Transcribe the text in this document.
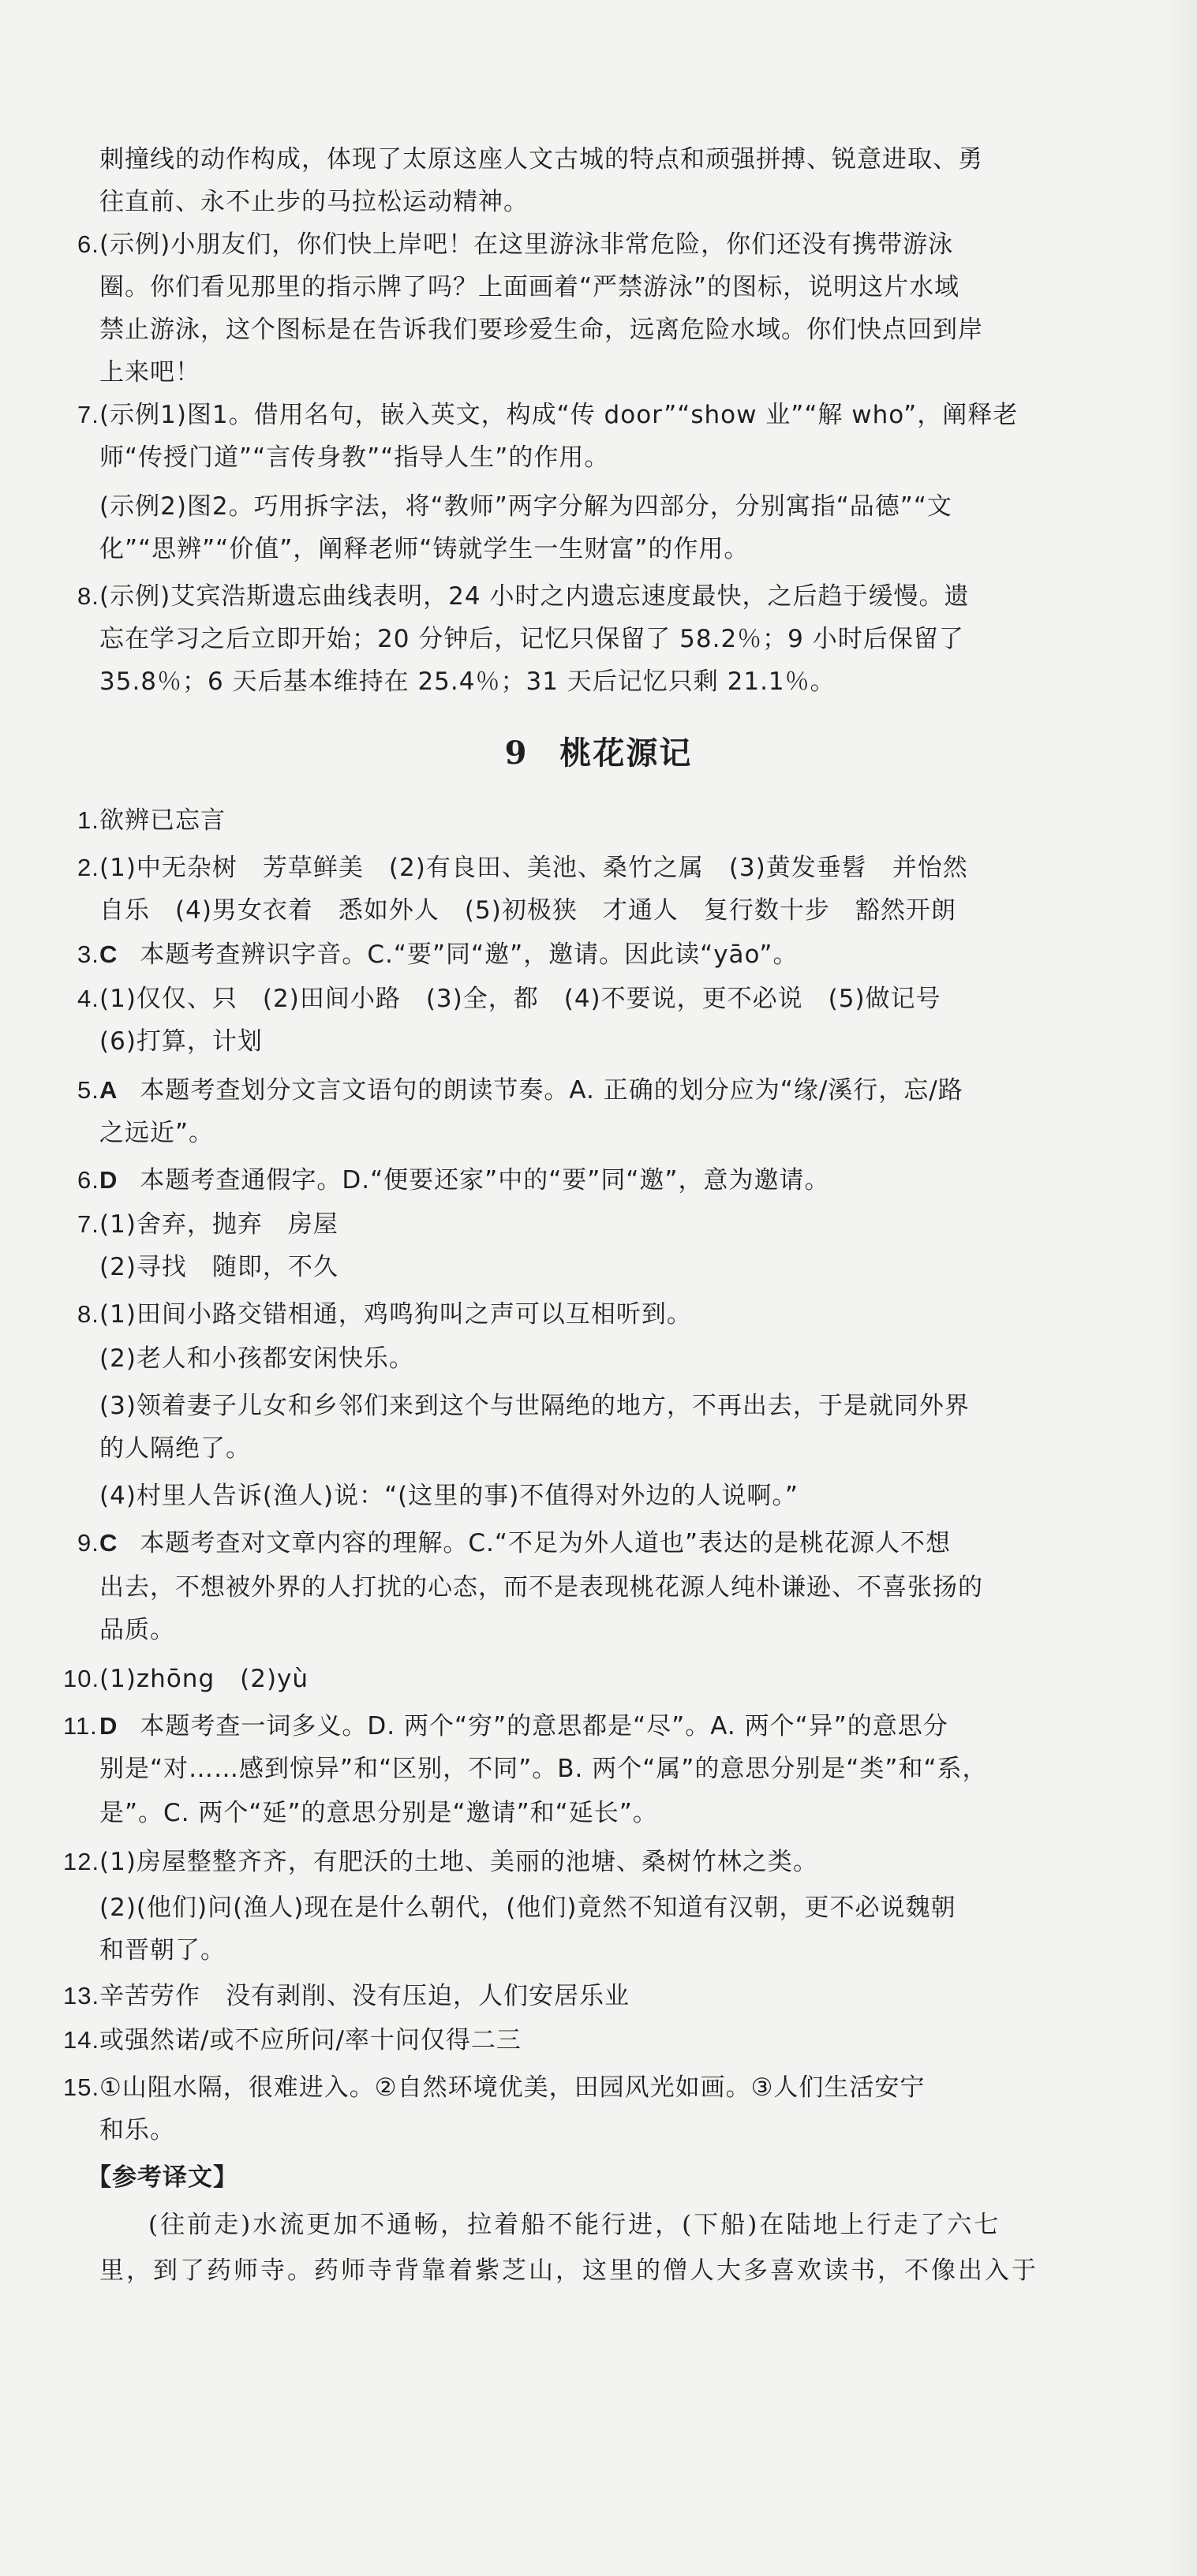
刺撞线的动作构成，体现了太原这座人文古城的特点和顽强拼搏、锐意进取、勇
往直前、永不止步的马拉松运动精神。
6. (示例)小朋友们，你们快上岸吧！在这里游泳非常危险，你们还没有携带游泳
圈。你们看见那里的指示牌了吗？上面画着“严禁游泳”的图标，说明这片水域
禁止游泳，这个图标是在告诉我们要珍爱生命，远离危险水域。你们快点回到岸
上来吧！
7. (示例1)图1。借用名句，嵌入英文，构成“传 door”“show 业”“解 who”，阐释老
师“传授门道”“言传身教”“指导人生”的作用。
(示例2)图2。巧用拆字法，将“教师”两字分解为四部分，分别寓指“品德”“文
化”“思辨”“价值”，阐释老师“铸就学生一生财富”的作用。
8. (示例)艾宾浩斯遗忘曲线表明，24 小时之内遗忘速度最快，之后趋于缓慢。遗
忘在学习之后立即开始；20 分钟后，记忆只保留了 58.2％；9 小时后保留了
35.8％；6 天后基本维持在 25.4％；31 天后记忆只剩 21.1％。
9 桃花源记
1. 欲辨已忘言
2. (1)中无杂树　芳草鲜美　(2)有良田、美池、桑竹之属　(3)黄发垂髫　并怡然
自乐　(4)男女衣着　悉如外人　(5)初极狭　才通人　复行数十步　豁然开朗
3. C 本题考查辨识字音。C.“要”同“邀”，邀请。因此读“yāo”。
4. (1)仅仅、只　(2)田间小路　(3)全，都　(4)不要说，更不必说　(5)做记号
(6)打算，计划
5. A 本题考查划分文言文语句的朗读节奏。A. 正确的划分应为“缘/溪行，忘/路
之远近”。
6. D 本题考查通假字。D.“便要还家”中的“要”同“邀”，意为邀请。
7. (1)舍弃，抛弃　房屋
(2)寻找　随即，不久
8. (1)田间小路交错相通，鸡鸣狗叫之声可以互相听到。
(2)老人和小孩都安闲快乐。
(3)领着妻子儿女和乡邻们来到这个与世隔绝的地方，不再出去，于是就同外界
的人隔绝了。
(4)村里人告诉(渔人)说：“(这里的事)不值得对外边的人说啊。”
9. C 本题考查对文章内容的理解。C.“不足为外人道也”表达的是桃花源人不想
出去，不想被外界的人打扰的心态，而不是表现桃花源人纯朴谦逊、不喜张扬的
品质。
10. (1)zhōng　(2)yù
11. D 本题考查一词多义。D. 两个“穷”的意思都是“尽”。A. 两个“异”的意思分
别是“对……感到惊异”和“区别，不同”。B. 两个“属”的意思分别是“类”和“系，
是”。C. 两个“延”的意思分别是“邀请”和“延长”。
12. (1)房屋整整齐齐，有肥沃的土地、美丽的池塘、桑树竹林之类。
(2)(他们)问(渔人)现在是什么朝代，(他们)竟然不知道有汉朝，更不必说魏朝
和晋朝了。
13. 辛苦劳作　没有剥削、没有压迫，人们安居乐业
14. 或强然诺/或不应所问/率十问仅得二三
15. ①山阻水隔，很难进入。②自然环境优美，田园风光如画。③人们生活安宁
和乐。
【参考译文】
(往前走)水流更加不通畅，拉着船不能行进，(下船)在陆地上行走了六七
里，到了药师寺。药师寺背靠着紫芝山，这里的僧人大多喜欢读书，不像出入于
